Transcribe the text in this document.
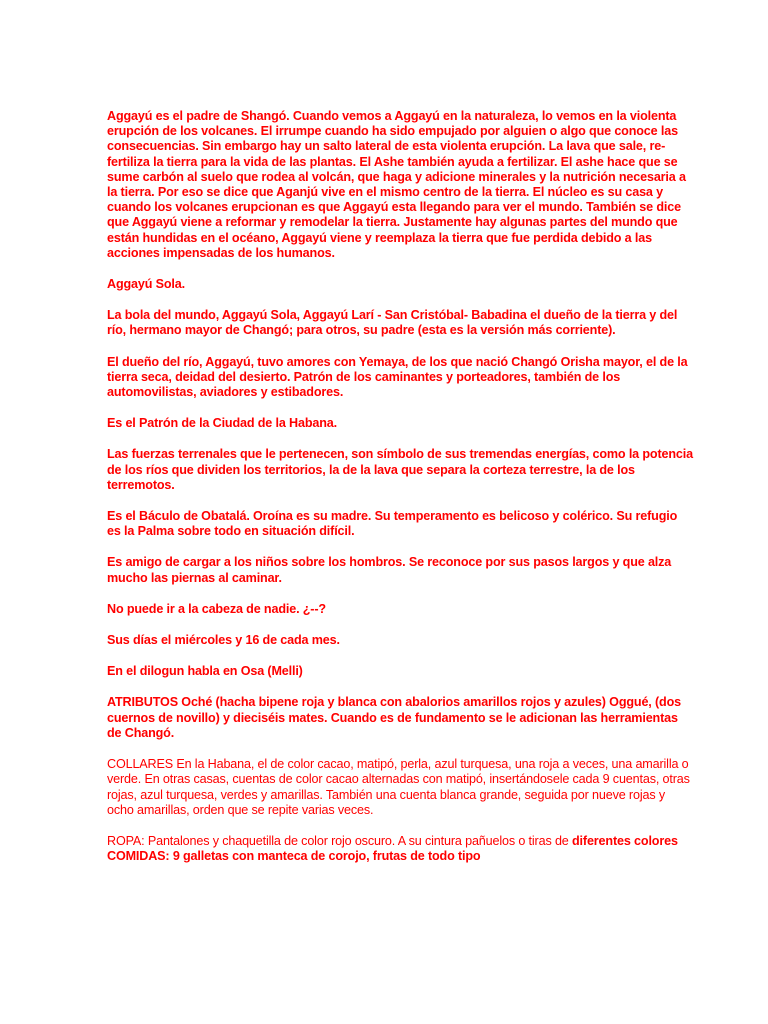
Aggayú es el padre de Shangó. Cuando vemos a Aggayú en la naturaleza, lo vemos en la violenta erupción de los volcanes. El irrumpe cuando ha sido empujado por alguien o algo que conoce las consecuencias. Sin embargo hay un salto lateral de esta violenta erupción. La lava que sale, re-fertiliza la tierra para la vida de las plantas. El Ashe también ayuda a fertilizar. El ashe hace que se sume carbón al suelo que rodea al volcán, que haga y adicione minerales y la nutrición necesaria a la tierra. Por eso se dice que Aganjú vive en el mismo centro de la tierra. El núcleo es su casa y cuando los volcanes erupcionan es que Aggayú esta llegando para ver el mundo. También se dice que Aggayú viene a reformar y remodelar la tierra. Justamente hay algunas partes del mundo que están hundidas en el océano, Aggayú viene y reemplaza la tierra que fue perdida debido a las acciones impensadas de los humanos.

Aggayú Sola.

La bola del mundo, Aggayú Sola, Aggayú Larí - San Cristóbal- Babadina el dueño de la tierra y del río, hermano mayor de Changó; para otros, su padre (esta es la versión más corriente).

El dueño del río, Aggayú, tuvo amores con Yemaya, de los que nació Changó Orisha mayor, el de la tierra seca, deidad del desierto. Patrón de los caminantes y porteadores, también de los automovilistas, aviadores y estibadores.

Es el Patrón de la Ciudad de la Habana.

Las fuerzas terrenales que le pertenecen, son símbolo de sus tremendas energías, como la potencia de los ríos que dividen los territorios, la de la lava que separa la corteza terrestre, la de los terremotos.

Es el Báculo de Obatalá. Oroína es su madre. Su temperamento es belicoso y colérico. Su refugio es la Palma sobre todo en situación difícil.

Es amigo de cargar a los niños sobre los hombros. Se reconoce por sus pasos largos y que alza mucho las piernas al caminar.

No puede ir a la cabeza de nadie. ¿--?

Sus días el miércoles y 16 de cada mes.

En el dilogun habla en Osa (Melli)

ATRIBUTOS Oché (hacha bipene roja y blanca con abalorios amarillos rojos y azules) Oggué, (dos cuernos de novillo) y dieciséis mates. Cuando es de fundamento se le adicionan las herramientas de Changó.

COLLARES En la Habana, el de color cacao, matipó, perla, azul turquesa, una roja a veces, una amarilla o verde. En otras casas, cuentas de color cacao alternadas con matipó, insertándosele cada 9 cuentas, otras rojas, azul turquesa, verdes y amarillas. También una cuenta blanca grande, seguida por nueve rojas y ocho amarillas, orden que se repite varias veces.

ROPA: Pantalones y chaquetilla de color rojo oscuro. A su cintura pañuelos o tiras de diferentes colores

COMIDAS: 9 galletas con manteca de corojo, frutas de todo tipo
